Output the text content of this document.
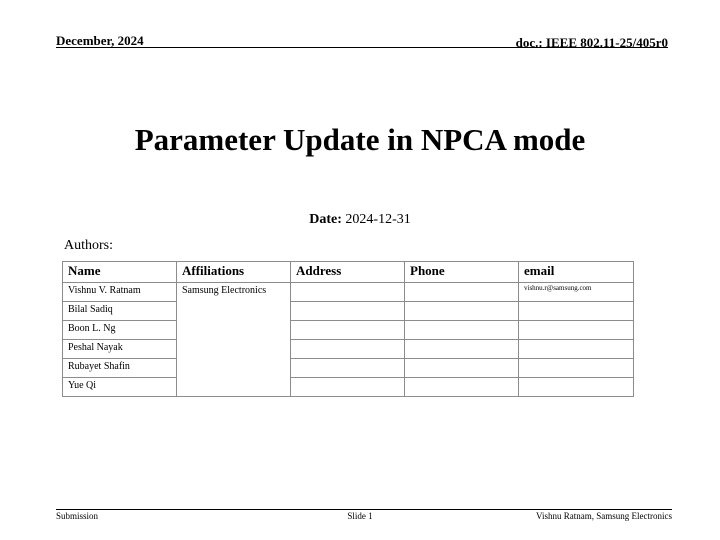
December, 2024	doc.: IEEE 802.11-25/405r0
Parameter Update in NPCA mode
Date: 2024-12-31
Authors:
Name	Affiliations	Address	Phone	email
Vishnu V. Ratnam	Samsung Electronics			vishnu.r@samsung.com
Bilal Sadiq				
Boon L. Ng				
Peshal Nayak				
Rubayet Shafin				
Yue Qi				
Submission	Slide 1	Vishnu Ratnam, Samsung Electronics
